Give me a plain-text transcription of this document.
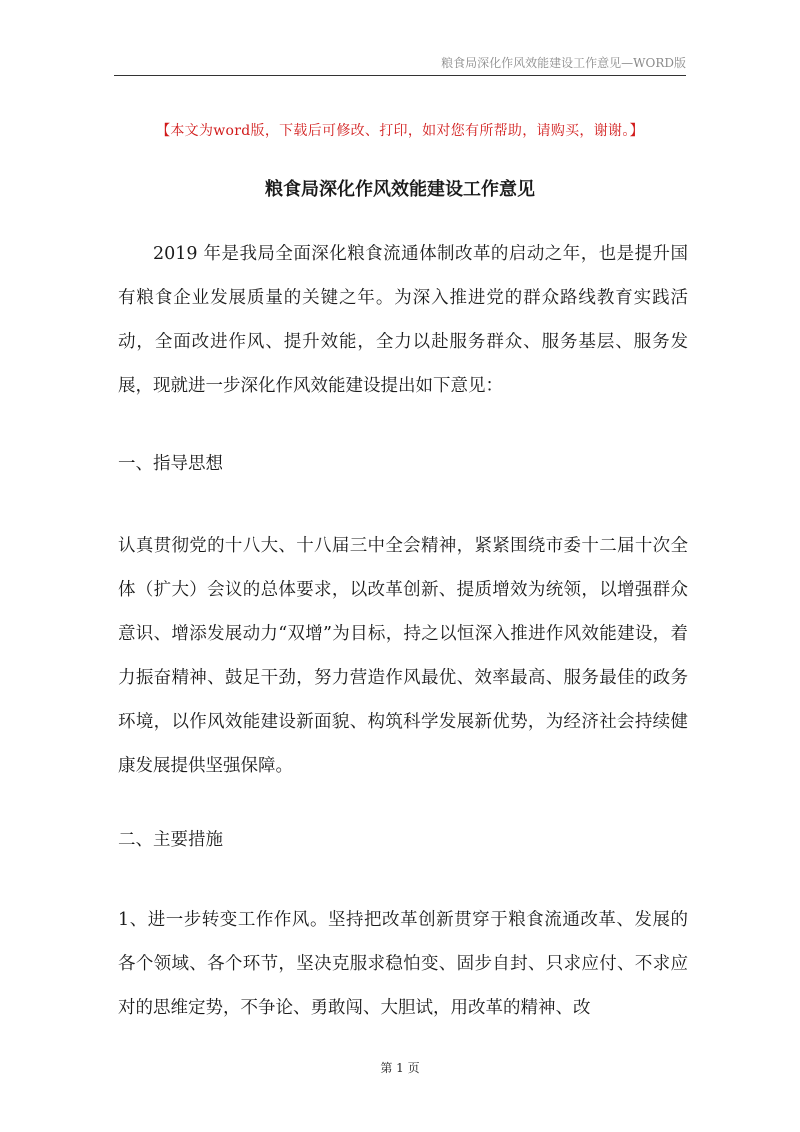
粮食局深化作风效能建设工作意见—WORD版
【本文为word版，下载后可修改、打印，如对您有所帮助，请购买，谢谢。】
粮食局深化作风效能建设工作意见

2019 年是我局全面深化粮食流通体制改革的启动之年，也是提升国有粮食企业发展质量的关键之年。为深入推进党的群众路线教育实践活动，全面改进作风、提升效能，全力以赴服务群众、服务基层、服务发展，现就进一步深化作风效能建设提出如下意见：

一、指导思想

认真贯彻党的十八大、十八届三中全会精神，紧紧围绕市委十二届十次全体（扩大）会议的总体要求，以改革创新、提质增效为统领，以增强群众意识、增添发展动力“双增”为目标，持之以恒深入推进作风效能建设，着力振奋精神、鼓足干劲，努力营造作风最优、效率最高、服务最佳的政务环境，以作风效能建设新面貌、构筑科学发展新优势，为经济社会持续健康发展提供坚强保障。

二、主要措施

1、进一步转变工作作风。坚持把改革创新贯穿于粮食流通改革、发展的各个领域、各个环节，坚决克服求稳怕变、固步自封、只求应付、不求应对的思维定势，不争论、勇敢闯、大胆试，用改革的精神、改

第 1 页
